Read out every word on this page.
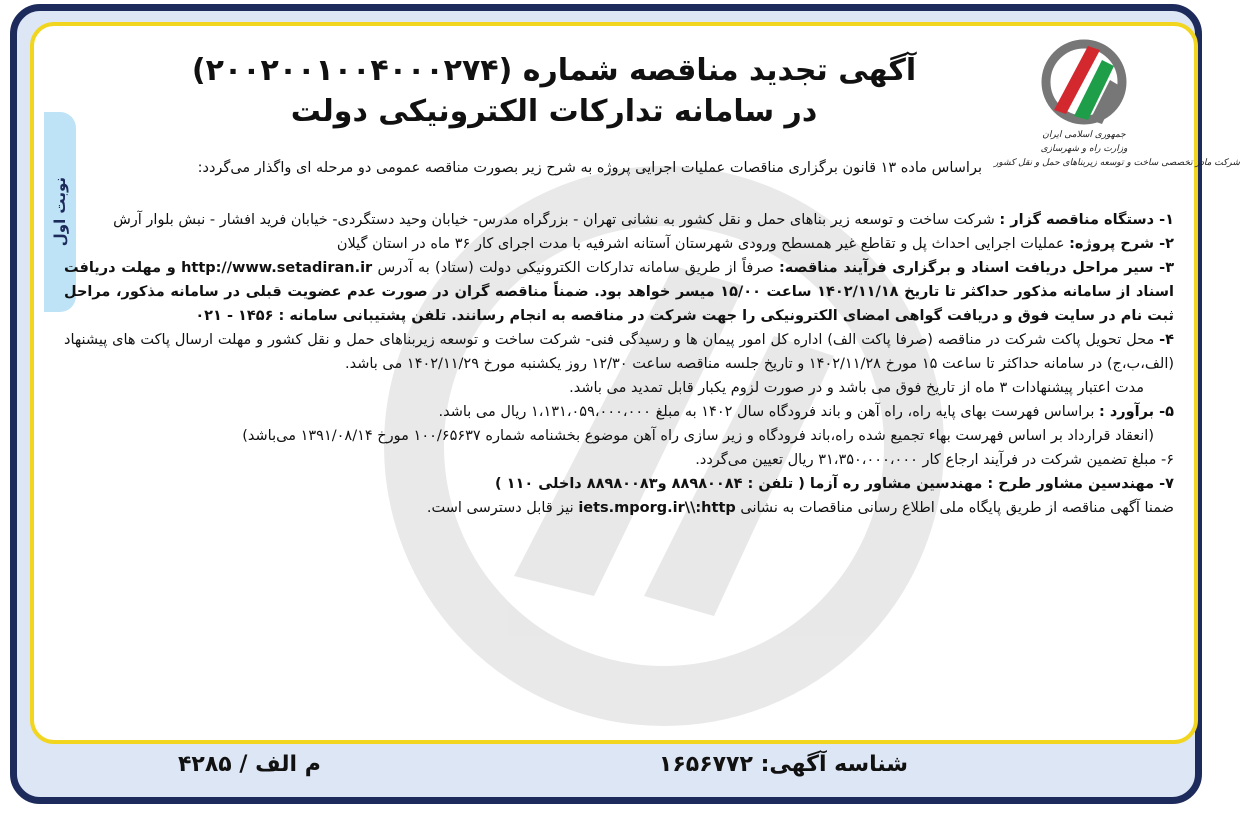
نوبت اول
جمهوری اسلامی ایران
وزارت راه و شهرسازی
شرکت مادر تخصصی ساخت و توسعه زیربناهای حمل و نقل کشور
آگهی تجدید مناقصه شماره (۲۰۰۲۰۰۱۰۰۴۰۰۰۲۷۴)
در سامانه تدارکات الکترونیکی دولت

براساس ماده ۱۳ قانون برگزاری مناقصات عملیات اجرایی پروژه به شرح زیر بصورت مناقصه عمومی دو مرحله ای واگذار می‌گردد:

۱- دستگاه مناقصه گزار : شرکت ساخت و توسعه زیر بناهای حمل و نقل کشور به نشانی تهران - بزرگراه مدرس- خیابان وحید دستگردی- خیابان فرید افشار - نبش بلوار آرش

۲- شرح پروژه: عملیات اجرایی احداث پل و تقاطع غیر همسطح ورودی شهرستان آستانه اشرفیه با مدت اجرای کار ۳۶ ماه در استان گیلان

۳- سیر مراحل دریافت اسناد و برگزاری فرآیند مناقصه: صرفاً از طریق سامانه تدارکات الکترونیکی دولت (ستاد) به آدرس http://www.setadiran.ir و مهلت دریافت اسناد از سامانه مذکور حداکثر تا تاریخ ۱۴۰۲/۱۱/۱۸ ساعت ۱۵/۰۰ میسر خواهد بود. ضمناً مناقصه گران در صورت عدم عضویت قبلی در سامانه مذکور، مراحل ثبت نام در سایت فوق و دریافت گواهی امضای الکترونیکی را جهت شرکت در مناقصه به انجام رسانند. تلفن پشتیبانی سامانه : ۱۴۵۶ - ۰۲۱

۴- محل تحویل پاکت شرکت در مناقصه (صرفا پاکت الف) اداره کل امور پیمان ها و رسیدگی فنی- شرکت ساخت و توسعه زیربناهای حمل و نقل کشور و مهلت ارسال پاکت های پیشنهاد (الف،ب،ج) در سامانه حداکثر تا ساعت ۱۵ مورخ ۱۴۰۲/۱۱/۲۸ و تاریخ جلسه مناقصه ساعت ۱۲/۳۰ روز یکشنبه مورخ ۱۴۰۲/۱۱/۲۹ می باشد.

مدت اعتبار پیشنهادات ۳ ماه از تاریخ فوق می باشد و در صورت لزوم یکبار قابل تمدید می باشد.

۵- برآورد : براساس فهرست بهای پایه راه، راه آهن و باند فرودگاه سال ۱۴۰۲ به مبلغ ۱،۱۳۱،۰۵۹،۰۰۰،۰۰۰ ریال می باشد.

(انعقاد قرارداد بر اساس فهرست بهاء تجمیع شده راه،باند فرودگاه و زیر سازی راه آهن موضوع بخشنامه شماره ۱۰۰/۶۵۶۳۷ مورخ ۱۳۹۱/۰۸/۱۴ می‌باشد)

۶- مبلغ تضمین شرکت در فرآیند ارجاع کار ۳۱،۳۵۰،۰۰۰،۰۰۰ ریال تعیین می‌گردد.

۷- مهندسین مشاور طرح : مهندسین مشاور ره آزما ( تلفن : ۸۸۹۸۰۰۸۴ و۸۸۹۸۰۰۸۳ داخلی ۱۱۰ )

ضمنا آگهی مناقصه از طریق پایگاه ملی اطلاع رسانی مناقصات به نشانی iets.mporg.ir\\:http نیز قابل دسترسی است.

شناسه آگهی: ۱۶۵۶۷۷۲
م الف / ۴۲۸۵
